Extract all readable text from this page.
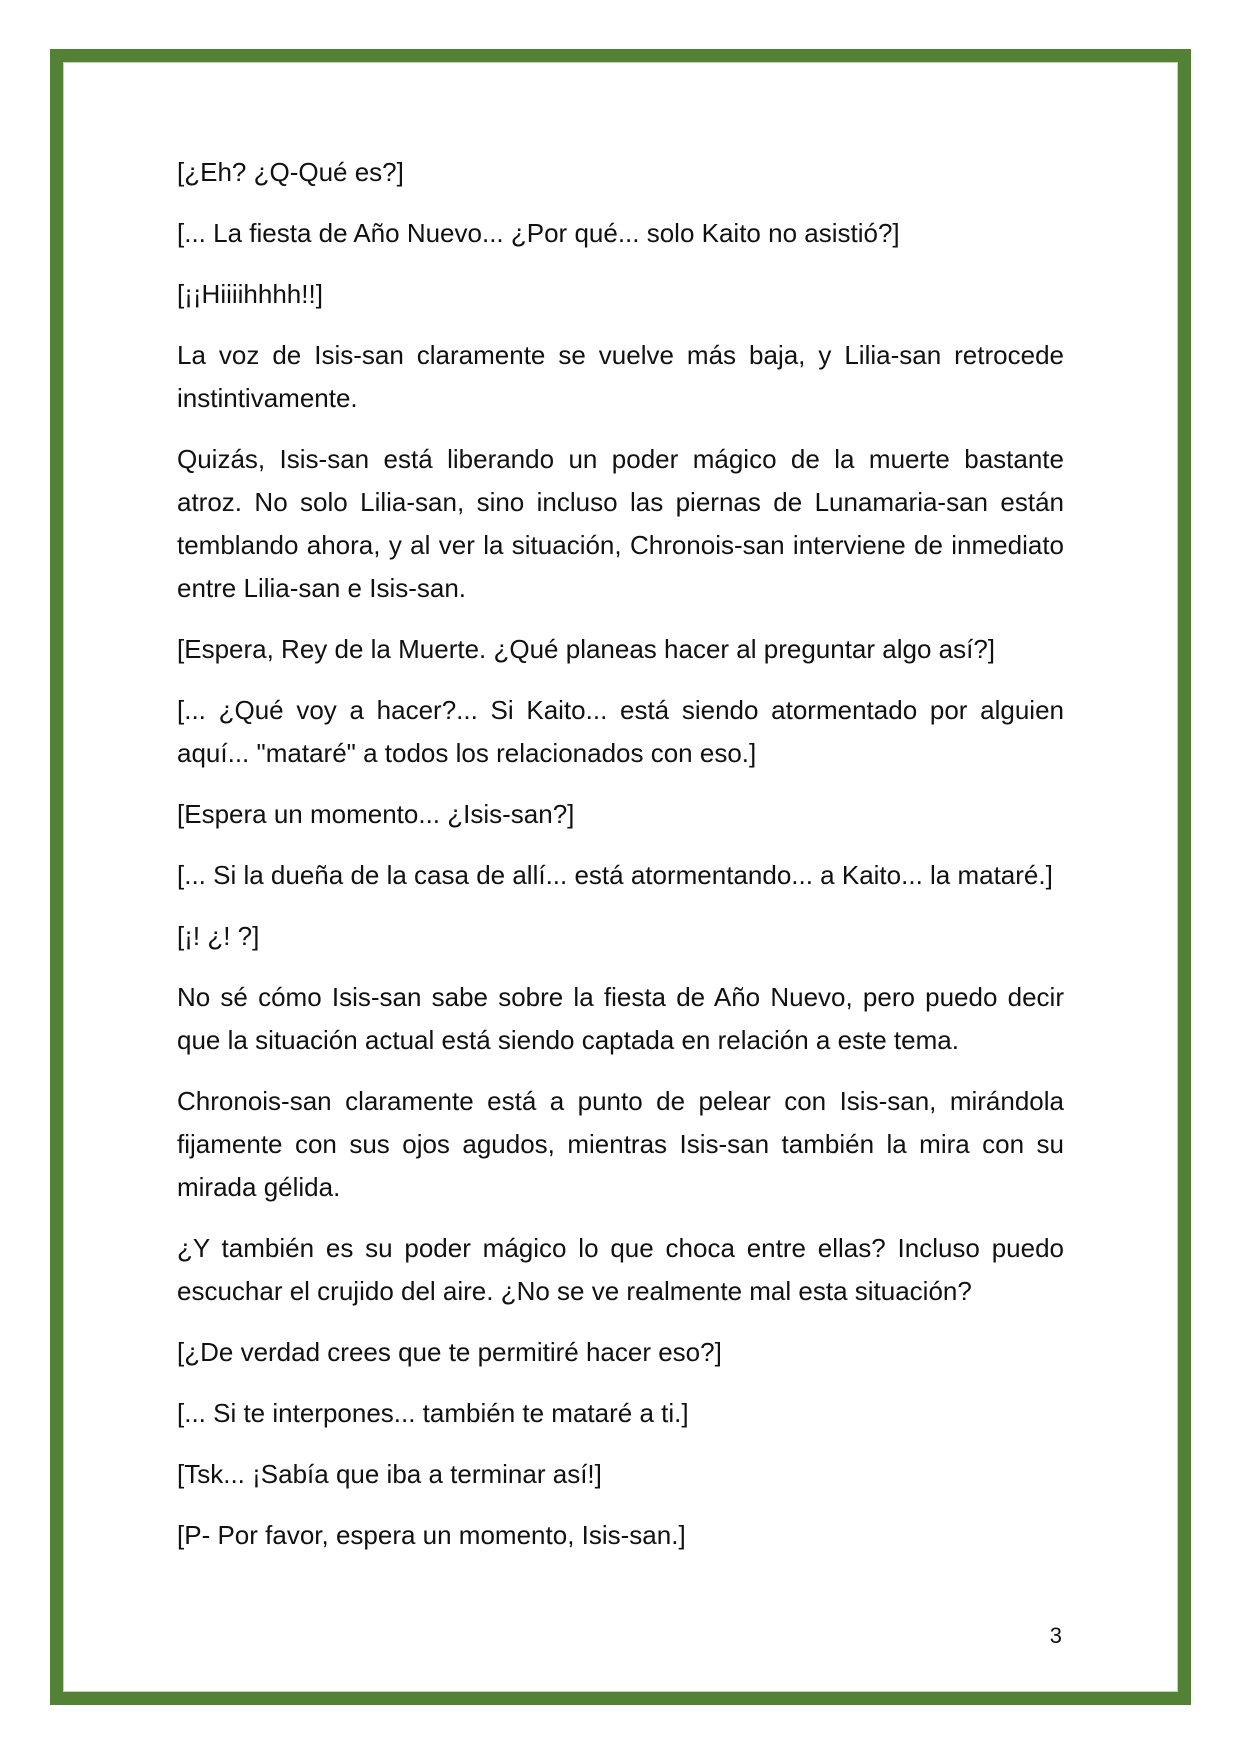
[¿Eh? ¿Q-Qué es?]

[... La fiesta de Año Nuevo... ¿Por qué... solo Kaito no asistió?]

[¡¡Hiiiihhhh!!]

La voz de Isis-san claramente se vuelve más baja, y Lilia-san retrocede instintivamente.

Quizás, Isis-san está liberando un poder mágico de la muerte bastante atroz. No solo Lilia-san, sino incluso las piernas de Lunamaria-san están temblando ahora, y al ver la situación, Chronois-san interviene de inmediato entre Lilia-san e Isis-san.

[Espera, Rey de la Muerte. ¿Qué planeas hacer al preguntar algo así?]

[... ¿Qué voy a hacer?... Si Kaito... está siendo atormentado por alguien aquí... "mataré" a todos los relacionados con eso.]

[Espera un momento... ¿Isis-san?]

[... Si la dueña de la casa de allí... está atormentando... a Kaito... la mataré.]

[¡! ¿! ?]

No sé cómo Isis-san sabe sobre la fiesta de Año Nuevo, pero puedo decir que la situación actual está siendo captada en relación a este tema.

Chronois-san claramente está a punto de pelear con Isis-san, mirándola fijamente con sus ojos agudos, mientras Isis-san también la mira con su mirada gélida.

¿Y también es su poder mágico lo que choca entre ellas? Incluso puedo escuchar el crujido del aire. ¿No se ve realmente mal esta situación?

[¿De verdad crees que te permitiré hacer eso?]

[... Si te interpones... también te mataré a ti.]

[Tsk... ¡Sabía que iba a terminar así!]

[P- Por favor, espera un momento, Isis-san.]

3
